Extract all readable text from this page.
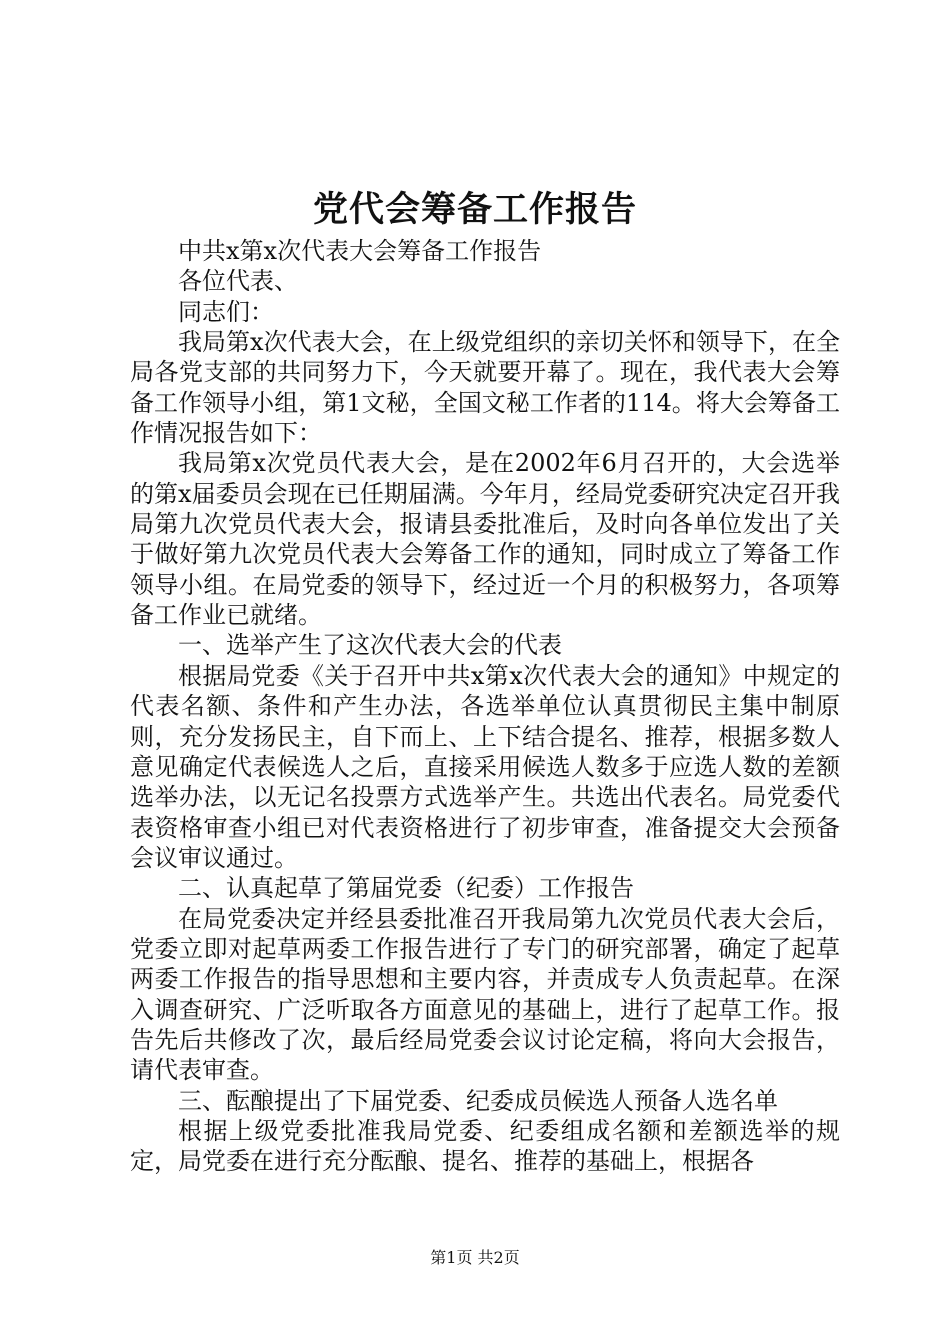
党代会筹备工作报告

中共x第x次代表大会筹备工作报告

各位代表、

同志们：

我局第x次代表大会，在上级党组织的亲切关怀和领导下，在全局各党支部的共同努力下，今天就要开幕了。现在，我代表大会筹备工作领导小组，第1文秘，全国文秘工作者的114。将大会筹备工作情况报告如下：

我局第x次党员代表大会，是在2002年6月召开的，大会选举的第x届委员会现在已任期届满。今年月，经局党委研究决定召开我局第九次党员代表大会，报请县委批准后，及时向各单位发出了关于做好第九次党员代表大会筹备工作的通知，同时成立了筹备工作领导小组。在局党委的领导下，经过近一个月的积极努力，各项筹备工作业已就绪。

一、选举产生了这次代表大会的代表

根据局党委《关于召开中共x第x次代表大会的通知》中规定的代表名额、条件和产生办法，各选举单位认真贯彻民主集中制原则，充分发扬民主，自下而上、上下结合提名、推荐，根据多数人意见确定代表候选人之后，直接采用候选人数多于应选人数的差额选举办法，以无记名投票方式选举产生。共选出代表名。局党委代表资格审查小组已对代表资格进行了初步审查，准备提交大会预备会议审议通过。

二、认真起草了第届党委（纪委）工作报告

在局党委决定并经县委批准召开我局第九次党员代表大会后，党委立即对起草两委工作报告进行了专门的研究部署，确定了起草两委工作报告的指导思想和主要内容，并责成专人负责起草。在深入调查研究、广泛听取各方面意见的基础上，进行了起草工作。报告先后共修改了次，最后经局党委会议讨论定稿，将向大会报告，请代表审查。

三、酝酿提出了下届党委、纪委成员候选人预备人选名单

根据上级党委批准我局党委、纪委组成名额和差额选举的规定，局党委在进行充分酝酿、提名、推荐的基础上，根据各

第1页 共2页
